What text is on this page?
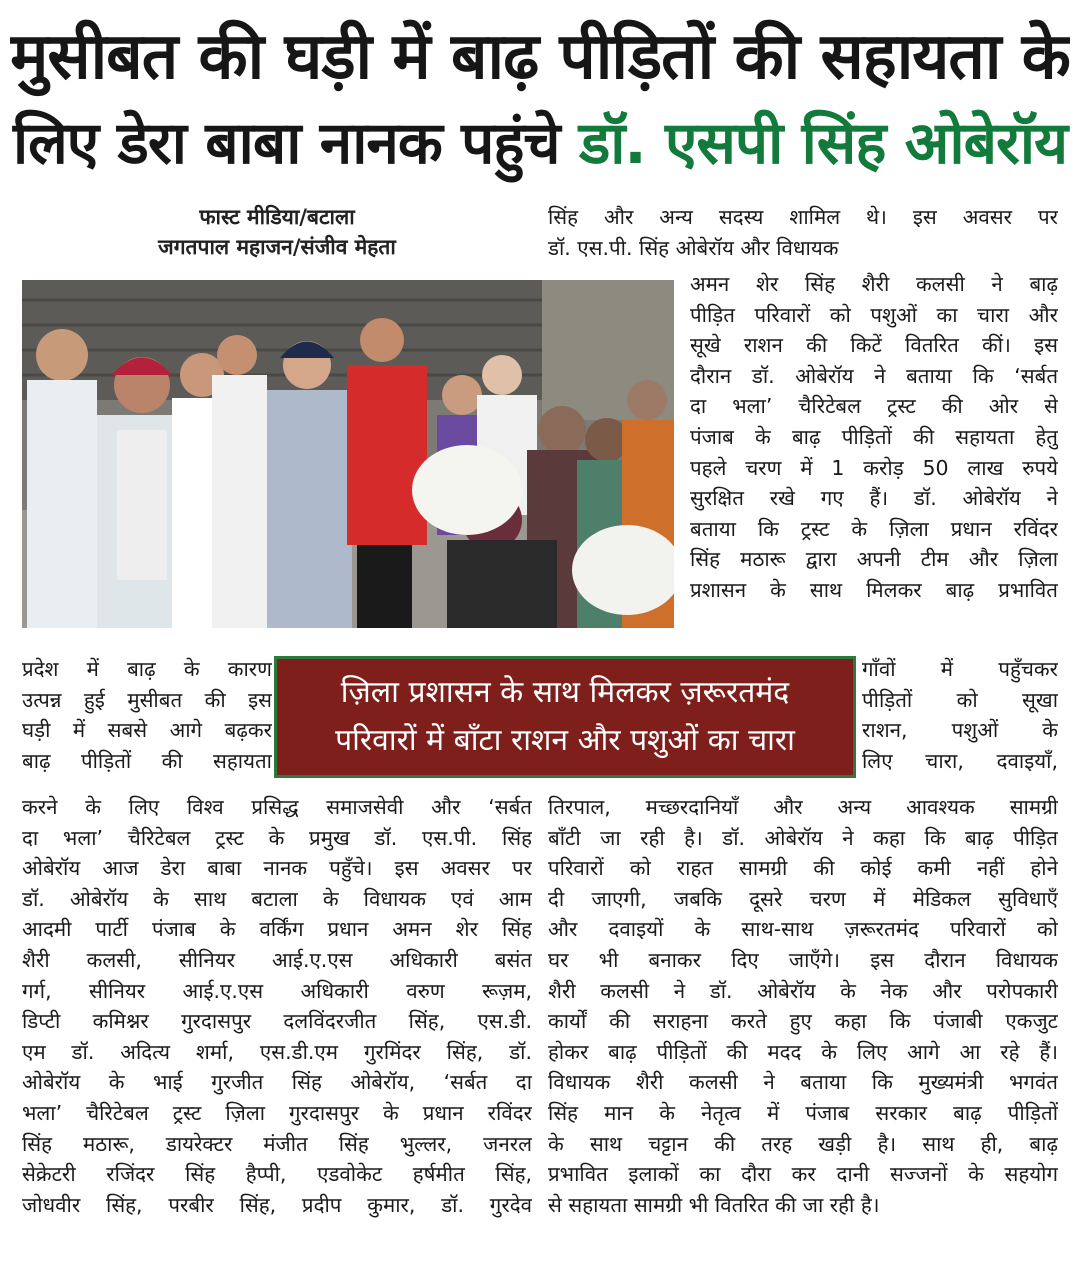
मुसीबत की घड़ी में बाढ़ पीड़ितों की सहायता के
लिए डेरा बाबा नानक पहुंचे डॉ. एसपी सिंह ओबेरॉय
फास्ट मीडिया/बटाला
जगतपाल महाजन/संजीव मेहता
सिंह और अन्य सदस्य शामिल थे। इस अवसर पर
डॉ. एस.पी. सिंह ओबेरॉय और विधायक
अमन शेर सिंह शैरी कलसी ने बाढ़
पीड़ित परिवारों को पशुओं का चारा और
सूखे राशन की किटें वितरित कीं। इस
दौरान डॉ. ओबेरॉय ने बताया कि ‘सर्बत
दा भला’ चैरिटेबल ट्रस्ट की ओर से
पंजाब के बाढ़ पीड़ितों की सहायता हेतु
पहले चरण में 1 करोड़ 50 लाख रुपये
सुरक्षित रखे गए हैं। डॉ. ओबेरॉय ने
बताया कि ट्रस्ट के ज़िला प्रधान रविंदर
सिंह मठारू द्वारा अपनी टीम और ज़िला
प्रशासन के साथ मिलकर बाढ़ प्रभावित
प्रदेश में बाढ़ के कारण
उत्पन्न हुई मुसीबत की इस
घड़ी में सबसे आगे बढ़कर
बाढ़ पीड़ितों की सहायता
ज़िला प्रशासन के साथ मिलकर ज़रूरतमंद
परिवारों में बाँटा राशन और पशुओं का चारा
गाँवों में पहुँचकर
पीड़ितों को सूखा
राशन, पशुओं के
लिए चारा, दवाइयाँ,
करने के लिए विश्व प्रसिद्ध समाजसेवी और ‘सर्बत
दा भला’ चैरिटेबल ट्रस्ट के प्रमुख डॉ. एस.पी. सिंह
ओबेरॉय आज डेरा बाबा नानक पहुँचे। इस अवसर पर
डॉ. ओबेरॉय के साथ बटाला के विधायक एवं आम
आदमी पार्टी पंजाब के वर्किंग प्रधान अमन शेर सिंह
शैरी कलसी, सीनियर आई.ए.एस अधिकारी बसंत
गर्ग, सीनियर आई.ए.एस अधिकारी वरुण रूज़म,
डिप्टी कमिश्नर गुरदासपुर दलविंदरजीत सिंह, एस.डी.
एम डॉ. अदित्य शर्मा, एस.डी.एम गुरमिंदर सिंह, डॉ.
ओबेरॉय के भाई गुरजीत सिंह ओबेरॉय, ‘सर्बत दा
भला’ चैरिटेबल ट्रस्ट ज़िला गुरदासपुर के प्रधान रविंदर
सिंह मठारू, डायरेक्टर मंजीत सिंह भुल्लर, जनरल
सेक्रेटरी रजिंदर सिंह हैप्पी, एडवोकेट हर्षमीत सिंह,
जोधवीर सिंह, परबीर सिंह, प्रदीप कुमार, डॉ. गुरदेव
तिरपाल, मच्छरदानियाँ और अन्य आवश्यक सामग्री
बाँटी जा रही है। डॉ. ओबेरॉय ने कहा कि बाढ़ पीड़ित
परिवारों को राहत सामग्री की कोई कमी नहीं होने
दी जाएगी, जबकि दूसरे चरण में मेडिकल सुविधाएँ
और दवाइयों के साथ-साथ ज़रूरतमंद परिवारों को
घर भी बनाकर दिए जाएँगे। इस दौरान विधायक
शैरी कलसी ने डॉ. ओबेरॉय के नेक और परोपकारी
कार्यों की सराहना करते हुए कहा कि पंजाबी एकजुट
होकर बाढ़ पीड़ितों की मदद के लिए आगे आ रहे हैं।
विधायक शैरी कलसी ने बताया कि मुख्यमंत्री भगवंत
सिंह मान के नेतृत्व में पंजाब सरकार बाढ़ पीड़ितों
के साथ चट्टान की तरह खड़ी है। साथ ही, बाढ़
प्रभावित इलाकों का दौरा कर दानी सज्जनों के सहयोग
से सहायता सामग्री भी वितरित की जा रही है।
